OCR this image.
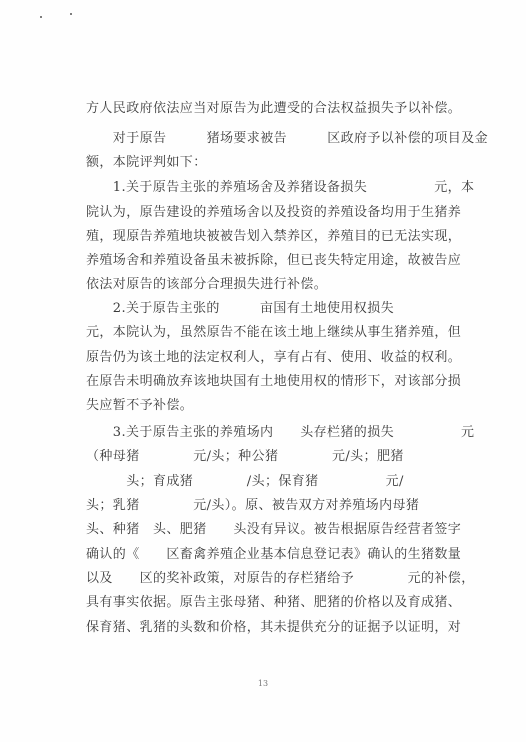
方人民政府依法应当对原告为此遭受的合法权益损失予以补偿。
　　对于原告　　　猪场要求被告　　　区政府予以补偿的项目及金
额，本院评判如下：
　　1.关于原告主张的养殖场舍及养猪设备损失　　　　　元，本
院认为，原告建设的养殖场舍以及投资的养殖设备均用于生猪养
殖，现原告养殖地块被被告划入禁养区，养殖目的已无法实现，
养殖场舍和养殖设备虽未被拆除，但已丧失特定用途，故被告应
依法对原告的该部分合理损失进行补偿。
　　2.关于原告主张的　　　亩国有土地使用权损失
元，本院认为，虽然原告不能在该土地上继续从事生猪养殖，但
原告仍为该土地的法定权利人，享有占有、使用、收益的权利。
在原告未明确放弃该地块国有土地使用权的情形下，对该部分损
失应暂不予补偿。
　　3.关于原告主张的养殖场内　　头存栏猪的损失　　　　　元
（种母猪　　　　元/头；种公猪　　　　元/头；肥猪
　　　头；育成猪　　　　/头；保育猪　　　　　元/
头；乳猪　　　　元/头）。原、被告双方对养殖场内母猪
头、种猪　头、肥猪　　头没有异议。被告根据原告经营者签字
确认的《　　区畜禽养殖企业基本信息登记表》确认的生猪数量
以及　　区的奖补政策，对原告的存栏猪给予　　　　元的补偿，
具有事实依据。原告主张母猪、种猪、肥猪的价格以及育成猪、
保育猪、乳猪的头数和价格，其未提供充分的证据予以证明，对
13
